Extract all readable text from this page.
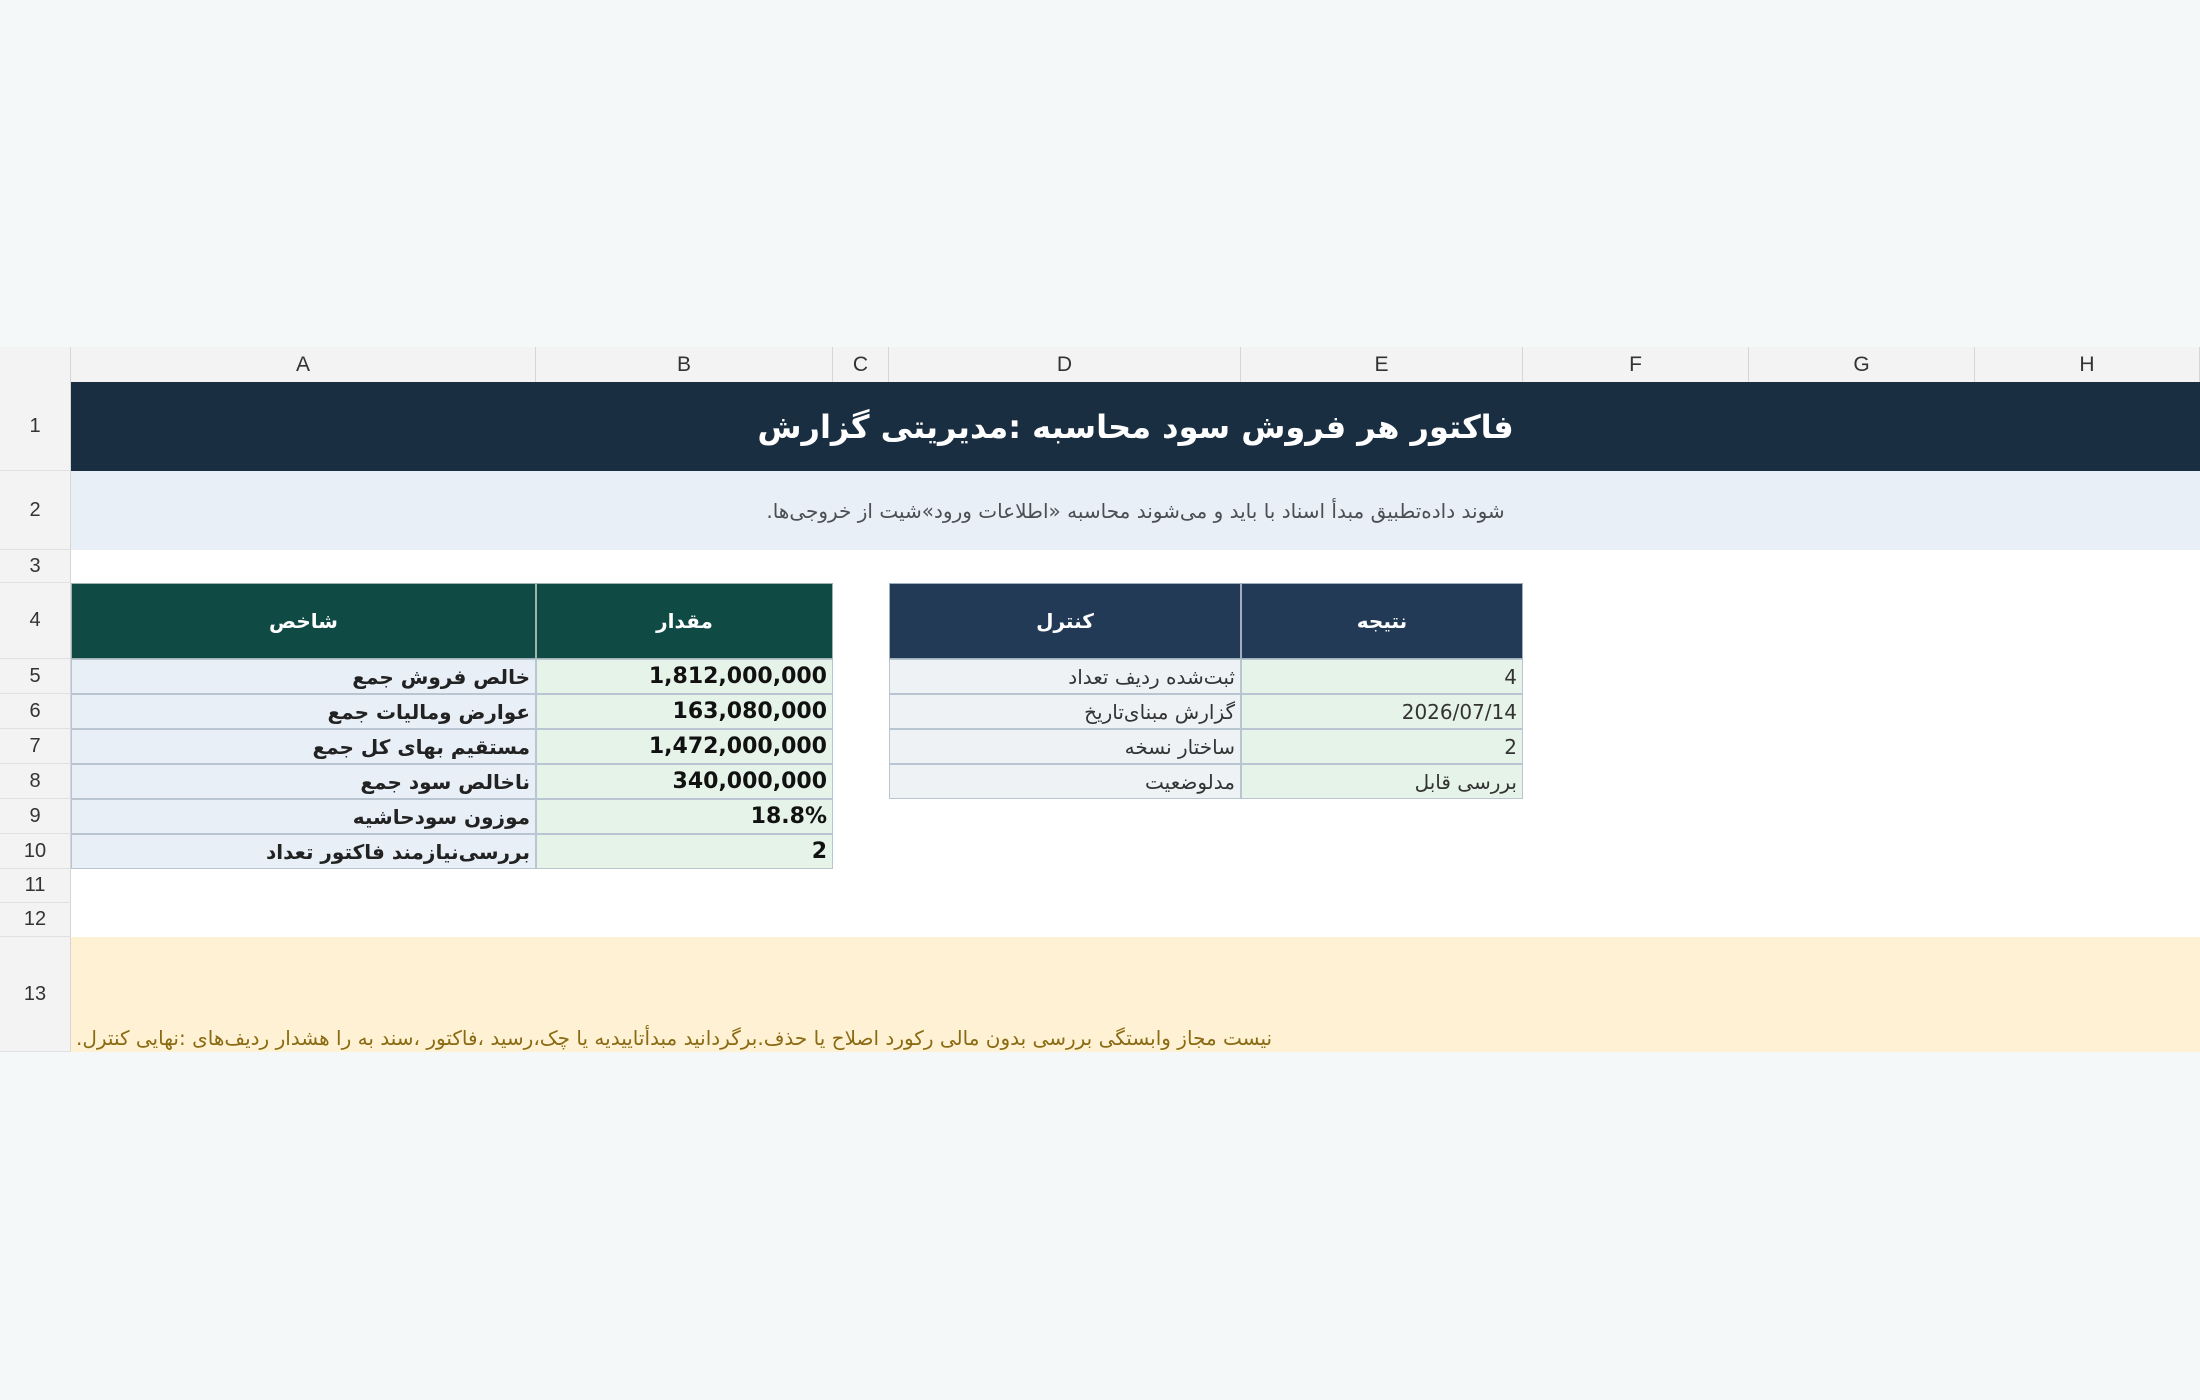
A	B	C	D	E	F	G	H
1
2
3
4
5
6
7
8
9
10
11
12
13
فاکتور هر فروش سود محاسبه :مدیریتی گزارش
.شوند داده‌تطبیق مبدأ اسناد با باید و می‌شوند محاسبه «اطلاعات ورود»شیت از خروجی‌ها
شاخص	مقدار
خالص فروش جمع	1,812,000,000
عوارض ومالیات جمع	163,080,000
مستقیم بهای کل جمع	1,472,000,000
ناخالص سود جمع	340,000,000
موزون سودحاشیه	18.8%
بررسی‌نیازمند فاکتور تعداد	2
کنترل	نتیجه
ثبت‌شده ردیف تعداد	4
گزارش مبنای‌تاریخ	2026/07/14
ساختار نسخه	2
مدلوضعیت	بررسی قابل
.نیست مجاز وابستگی بررسی بدون مالی رکورد اصلاح یا حذف.برگردانید مبدأتاییدیه یا چک،رسید ،فاکتور ،سند به را هشدار ردیف‌های :نهایی کنترل
